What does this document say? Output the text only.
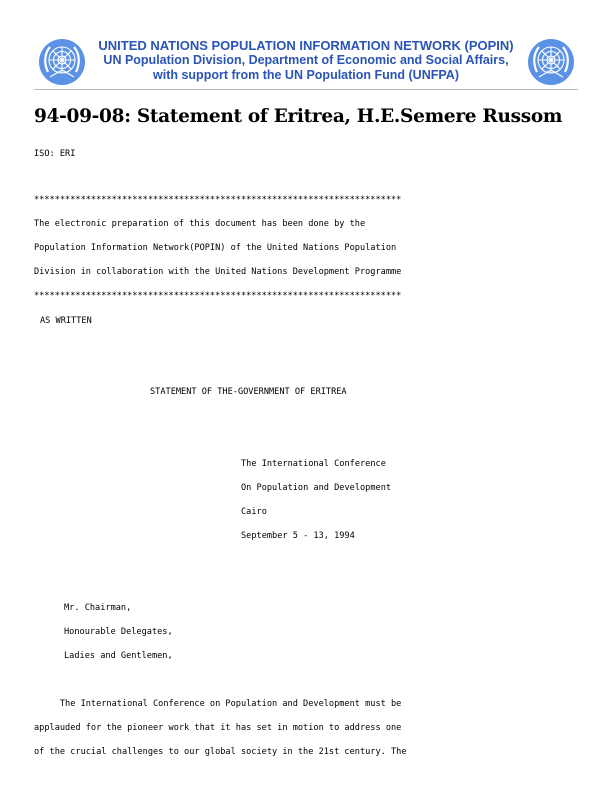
UNITED NATIONS POPULATION INFORMATION NETWORK (POPIN)
UN Population Division, Department of Economic and Social Affairs,
with support from the UN Population Fund (UNFPA)
94-09-08: Statement of Eritrea, H.E.Semere Russom
ISO: ERI
***********************************************************************
The electronic preparation of this document has been done by the
Population Information Network(POPIN) of the United Nations Population
Division in collaboration with the United Nations Development Programme
***********************************************************************
AS WRITTEN
STATEMENT OF THE-GOVERNMENT OF ERITREA
The International Conference
On Population and Development
Cairo
September 5 - 13, 1994
Mr. Chairman,
Honourable Delegates,
Ladies and Gentlemen,
The International Conference on Population and Development must be
applauded for the pioneer work that it has set in motion to address one
of the crucial challenges to our global society in the 21st century. The
